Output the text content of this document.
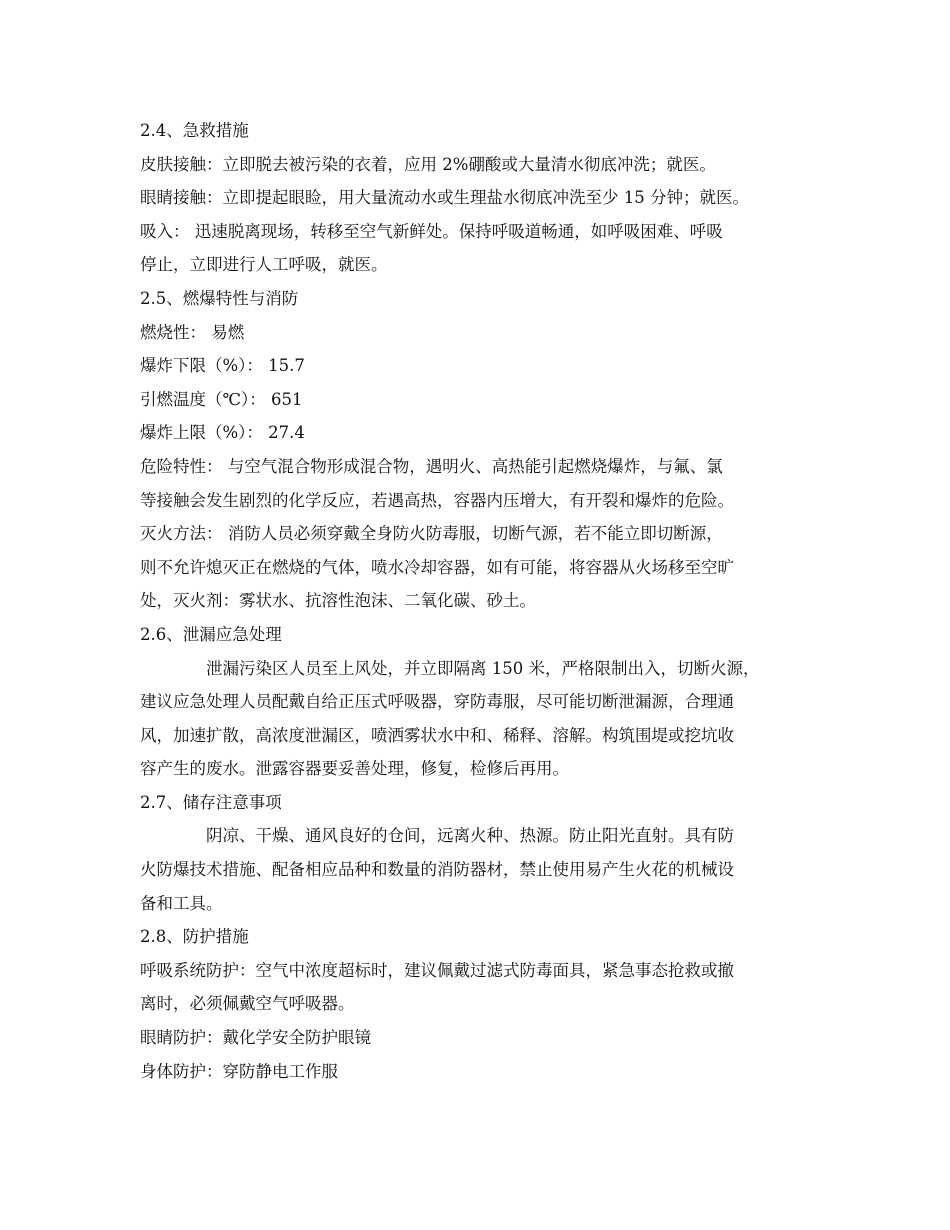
2.4、急救措施
皮肤接触：立即脱去被污染的衣着，应用 2%硼酸或大量清水彻底冲洗；就医。
眼睛接触：立即提起眼睑，用大量流动水或生理盐水彻底冲洗至少 15 分钟；就医。
吸入： 迅速脱离现场，转移至空气新鲜处。保持呼吸道畅通，如呼吸困难、呼吸
停止，立即进行人工呼吸，就医。
2.5、燃爆特性与消防
燃烧性： 易燃
爆炸下限（%）： 15.7
引燃温度（℃）： 651
爆炸上限（%）： 27.4
危险特性： 与空气混合物形成混合物，遇明火、高热能引起燃烧爆炸，与氟、氯
等接触会发生剧烈的化学反应，若遇高热，容器内压增大，有开裂和爆炸的危险。
灭火方法： 消防人员必须穿戴全身防火防毒服，切断气源，若不能立即切断源，
则不允许熄灭正在燃烧的气体，喷水冷却容器，如有可能，将容器从火场移至空旷
处，灭火剂：雾状水、抗溶性泡沫、二氧化碳、砂土。
2.6、泄漏应急处理
泄漏污染区人员至上风处，并立即隔离 150 米，严格限制出入，切断火源，
建议应急处理人员配戴自给正压式呼吸器，穿防毒服，尽可能切断泄漏源，合理通
风，加速扩散，高浓度泄漏区，喷洒雾状水中和、稀释、溶解。构筑围堤或挖坑收
容产生的废水。泄露容器要妥善处理，修复，检修后再用。
2.7、储存注意事项
阴凉、干燥、通风良好的仓间，远离火种、热源。防止阳光直射。具有防
火防爆技术措施、配备相应品种和数量的消防器材，禁止使用易产生火花的机械设
备和工具。
2.8、防护措施
呼吸系统防护：空气中浓度超标时，建议佩戴过滤式防毒面具，紧急事态抢救或撤
离时，必须佩戴空气呼吸器。
眼睛防护：戴化学安全防护眼镜
身体防护：穿防静电工作服
